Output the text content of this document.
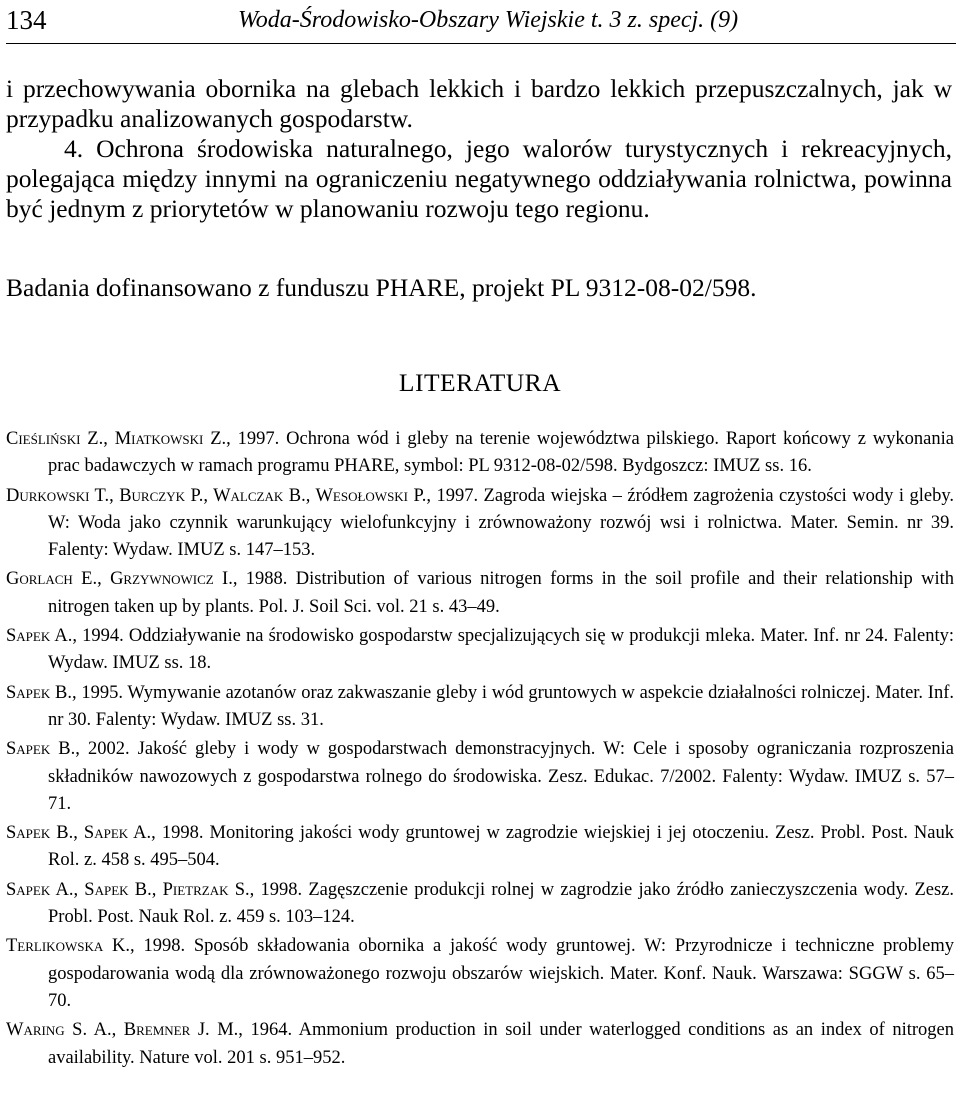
134	Woda-Środowisko-Obszary Wiejskie t. 3 z. specj. (9)

i przechowywania obornika na glebach lekkich i bardzo lekkich przepuszczalnych, jak w przypadku analizowanych gospodarstw.

4. Ochrona środowiska naturalnego, jego walorów turystycznych i rekreacyjnych, polegająca między innymi na ograniczeniu negatywnego oddziaływania rolnictwa, powinna być jednym z priorytetów w planowaniu rozwoju tego regionu.

Badania dofinansowano z funduszu PHARE, projekt PL 9312-08-02/598.

LITERATURA

Cieśliński Z., Miatkowski Z., 1997. Ochrona wód i gleby na terenie województwa pilskiego. Raport końcowy z wykonania prac badawczych w ramach programu PHARE, symbol: PL 9312-08-02/598. Bydgoszcz: IMUZ ss. 16.

Durkowski T., Burczyk P., Walczak B., Wesołowski P., 1997. Zagroda wiejska – źródłem zagrożenia czystości wody i gleby. W: Woda jako czynnik warunkujący wielofunkcyjny i zrównoważony rozwój wsi i rolnictwa. Mater. Semin. nr 39. Falenty: Wydaw. IMUZ s. 147–153.

Gorlach E., Grzywnowicz I., 1988. Distribution of various nitrogen forms in the soil profile and their relationship with nitrogen taken up by plants. Pol. J. Soil Sci. vol. 21 s. 43–49.

Sapek A., 1994. Oddziaływanie na środowisko gospodarstw specjalizujących się w produkcji mleka. Mater. Inf. nr 24. Falenty: Wydaw. IMUZ ss. 18.

Sapek B., 1995. Wymywanie azotanów oraz zakwaszanie gleby i wód gruntowych w aspekcie działalności rolniczej. Mater. Inf. nr 30. Falenty: Wydaw. IMUZ ss. 31.

Sapek B., 2002. Jakość gleby i wody w gospodarstwach demonstracyjnych. W: Cele i sposoby ograniczania rozproszenia składników nawozowych z gospodarstwa rolnego do środowiska. Zesz. Edukac. 7/2002. Falenty: Wydaw. IMUZ s. 57–71.

Sapek B., Sapek A., 1998. Monitoring jakości wody gruntowej w zagrodzie wiejskiej i jej otoczeniu. Zesz. Probl. Post. Nauk Rol. z. 458 s. 495–504.

Sapek A., Sapek B., Pietrzak S., 1998. Zagęszczenie produkcji rolnej w zagrodzie jako źródło zanieczyszczenia wody. Zesz. Probl. Post. Nauk Rol. z. 459 s. 103–124.

Terlikowska K., 1998. Sposób składowania obornika a jakość wody gruntowej. W: Przyrodnicze i techniczne problemy gospodarowania wodą dla zrównoważonego rozwoju obszarów wiejskich. Mater. Konf. Nauk. Warszawa: SGGW s. 65–70.

Waring S. A., Bremner J. M., 1964. Ammonium production in soil under waterlogged conditions as an index of nitrogen availability. Nature vol. 201 s. 951–952.
